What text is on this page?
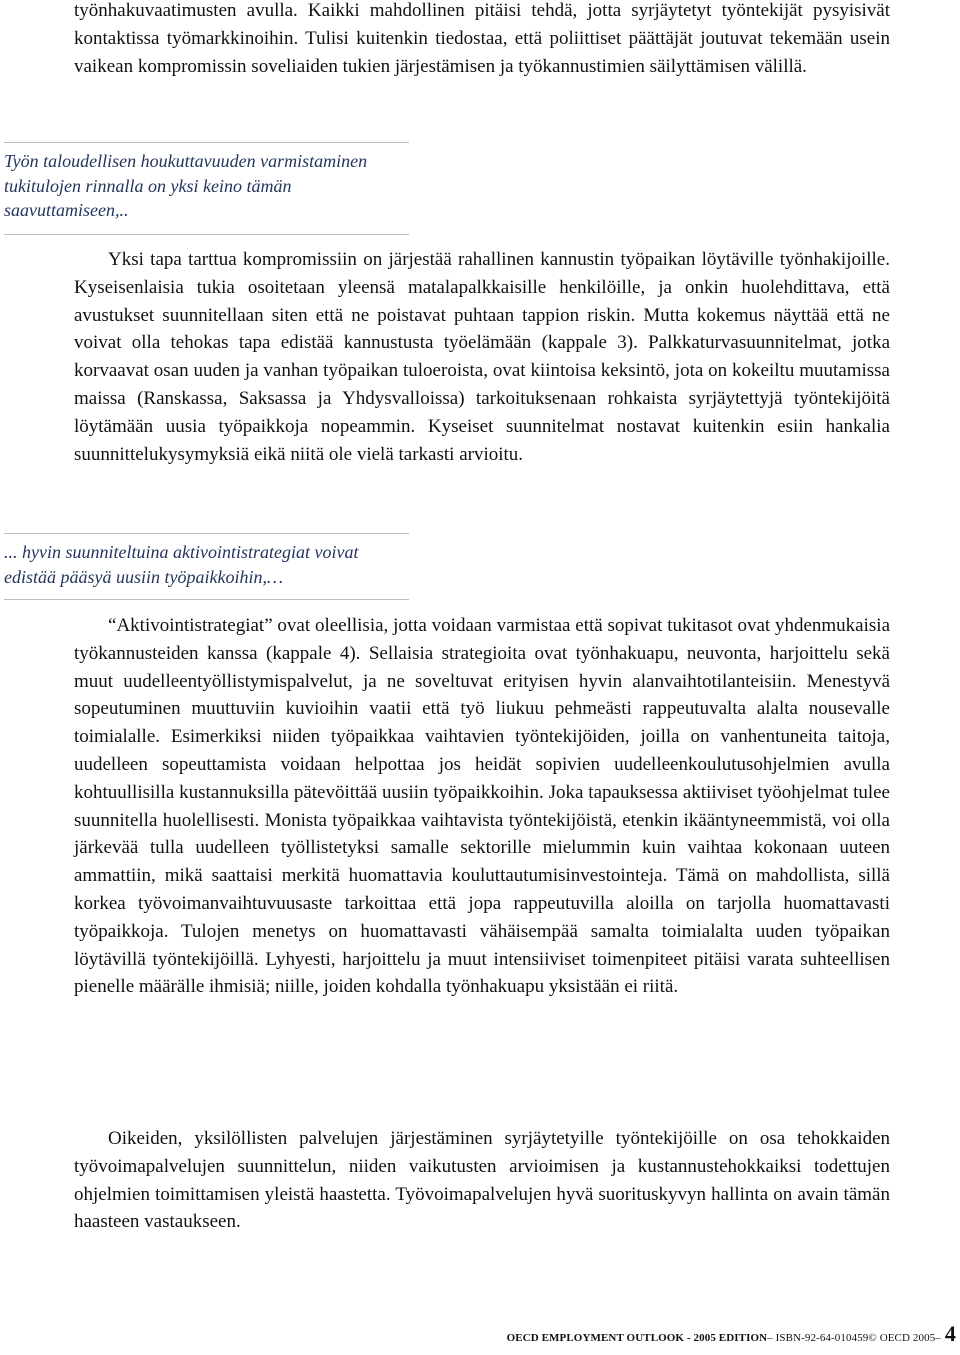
työnhakuvaatimusten avulla. Kaikki mahdollinen pitäisi tehdä, jotta syrjäytetyt työntekijät pysyisivät kontaktissa työmarkkinoihin. Tulisi kuitenkin tiedostaa, että poliittiset päättäjät joutuvat tekemään usein vaikean kompromissin soveliaiden tukien järjestämisen ja työkannustimien säilyttämisen välillä.

Työn taloudellisen houkuttavuuden varmistaminen tukitulojen rinnalla on yksi keino tämän saavuttamiseen,..

Yksi tapa tarttua kompromissiin on järjestää rahallinen kannustin työpaikan löytäville työnhakijoille. Kyseisenlaisia tukia osoitetaan yleensä matalapalkkaisille henkilöille, ja onkin huolehdittava, että avustukset suunnitellaan siten että ne poistavat puhtaan tappion riskin. Mutta kokemus näyttää että ne voivat olla tehokas tapa edistää kannustusta työelämään (kappale 3). Palkkaturvasuunnitelmat, jotka korvaavat osan uuden ja vanhan työpaikan tuloeroista, ovat kiintoisa keksintö, jota on kokeiltu muutamissa maissa (Ranskassa, Saksassa ja Yhdysvalloissa) tarkoituksenaan rohkaista syrjäytettyjä työntekijöitä löytämään uusia työpaikkoja nopeammin. Kyseiset suunnitelmat nostavat kuitenkin esiin hankalia suunnittelukysymyksiä eikä niitä ole vielä tarkasti arvioitu.

... hyvin suunniteltuina aktivointistrategiat voivat edistää pääsyä uusiin työpaikkoihin,…

“Aktivointistrategiat” ovat oleellisia, jotta voidaan varmistaa että sopivat tukitasot ovat yhdenmukaisia työkannusteiden kanssa (kappale 4). Sellaisia strategioita ovat työnhakuapu, neuvonta, harjoittelu sekä muut uudelleentyöllistymispalvelut, ja ne soveltuvat erityisen hyvin alanvaihtotilanteisiin. Menestyvä sopeutuminen muuttuviin kuvioihin vaatii että työ liukuu pehmeästi rappeutuvalta alalta nousevalle toimialalle. Esimerkiksi niiden työpaikkaa vaihtavien työntekijöiden, joilla on vanhentuneita taitoja, uudelleen sopeuttamista voidaan helpottaa jos heidät sopivien uudelleenkoulutusohjelmien avulla kohtuullisilla kustannuksilla pätevöittää uusiin työpaikkoihin. Joka tapauksessa aktiiviset työohjelmat tulee suunnitella huolellisesti. Monista työpaikkaa vaihtavista työntekijöistä, etenkin ikääntyneemmistä, voi olla järkevää tulla uudelleen työllistetyksi samalle sektorille mielummin kuin vaihtaa kokonaan uuteen ammattiin, mikä saattaisi merkitä huomattavia kouluttautumisinvestointeja. Tämä on mahdollista, sillä korkea työvoimanvaihtuvuusaste tarkoittaa että jopa rappeutuvilla aloilla on tarjolla huomattavasti työpaikkoja. Tulojen menetys on huomattavasti vähäisempää samalta toimialalta uuden työpaikan löytävillä työntekijöillä. Lyhyesti, harjoittelu ja muut intensiiviset toimenpiteet pitäisi varata suhteellisen pienelle määrälle ihmisiä; niille, joiden kohdalla työnhakuapu yksistään ei riitä.

Oikeiden, yksilöllisten palvelujen järjestäminen syrjäytetyille työntekijöille on osa tehokkaiden työvoimapalvelujen suunnittelun, niiden vaikutusten arvioimisen ja kustannustehokkaiksi todettujen ohjelmien toimittamisen yleistä haastetta. Työvoimapalvelujen hyvä suorituskyvyn hallinta on avain tämän haasteen vastaukseen.

OECD EMPLOYMENT OUTLOOK - 2005 EDITION– ISBN-92-64-010459© OECD 2005– 4
